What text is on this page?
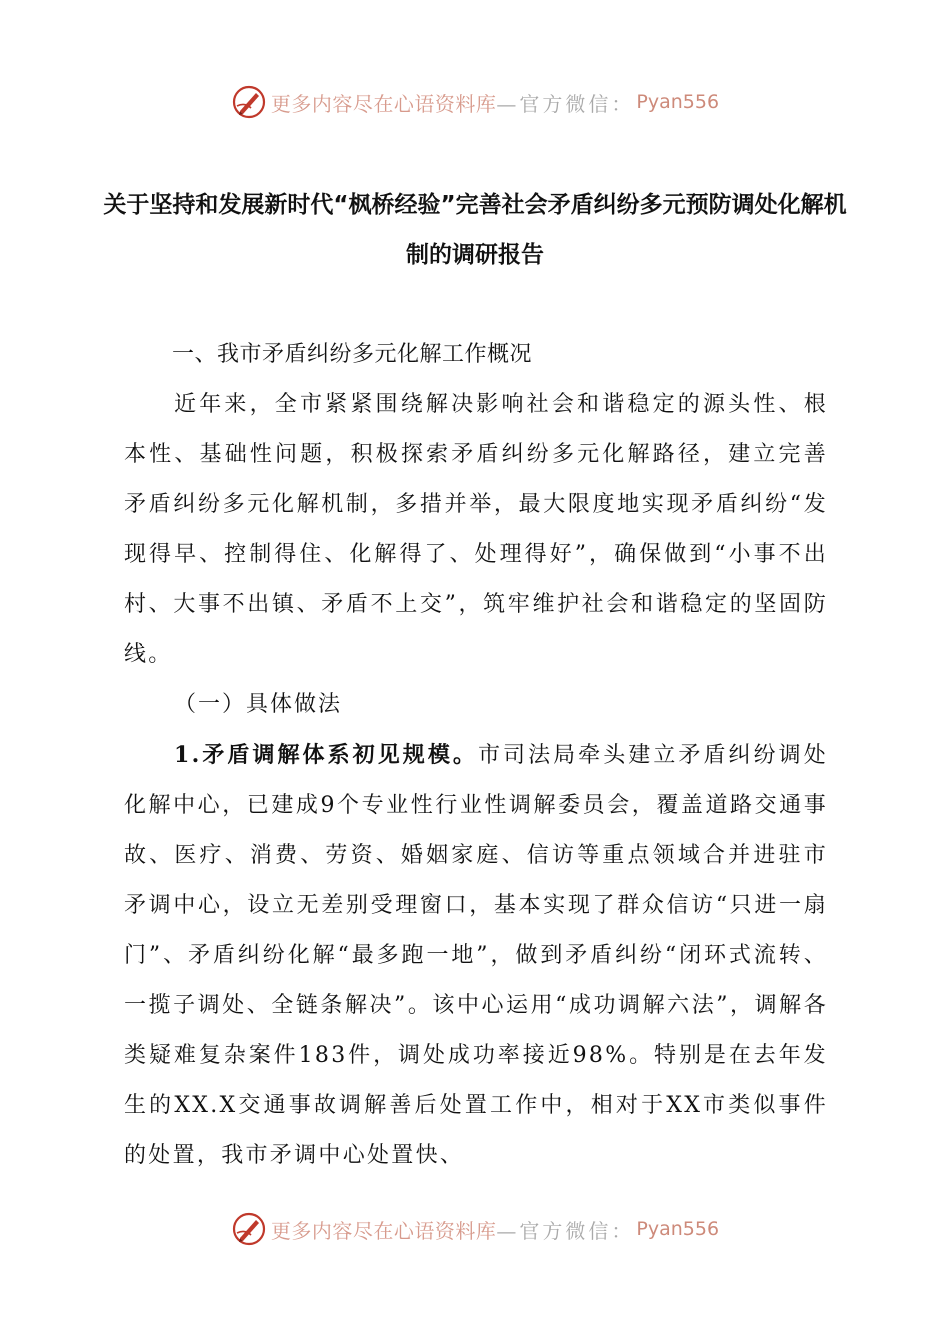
更多内容尽在心语资料库 —官方微信： Pyan556
关于坚持和发展新时代“枫桥经验”完善社会矛盾纠纷多元预防调处化解机制的调研报告

一、我市矛盾纠纷多元化解工作概况

近年来，全市紧紧围绕解决影响社会和谐稳定的源头性、根本性、基础性问题，积极探索矛盾纠纷多元化解路径，建立完善矛盾纠纷多元化解机制，多措并举，最大限度地实现矛盾纠纷“发现得早、控制得住、化解得了、处理得好”，确保做到“小事不出村、大事不出镇、矛盾不上交”，筑牢维护社会和谐稳定的坚固防线。

（一）具体做法

1.矛盾调解体系初见规模。市司法局牵头建立矛盾纠纷调处化解中心，已建成9个专业性行业性调解委员会，覆盖道路交通事故、医疗、消费、劳资、婚姻家庭、信访等重点领域合并进驻市矛调中心，设立无差别受理窗口，基本实现了群众信访“只进一扇门”、矛盾纠纷化解“最多跑一地”，做到矛盾纠纷“闭环式流转、一揽子调处、全链条解决”。该中心运用“成功调解六法”，调解各类疑难复杂案件183件，调处成功率接近98%。特别是在去年发生的XX.X交通事故调解善后处置工作中，相对于XX市类似事件的处置，我市矛调中心处置快、

更多内容尽在心语资料库 —官方微信： Pyan556
